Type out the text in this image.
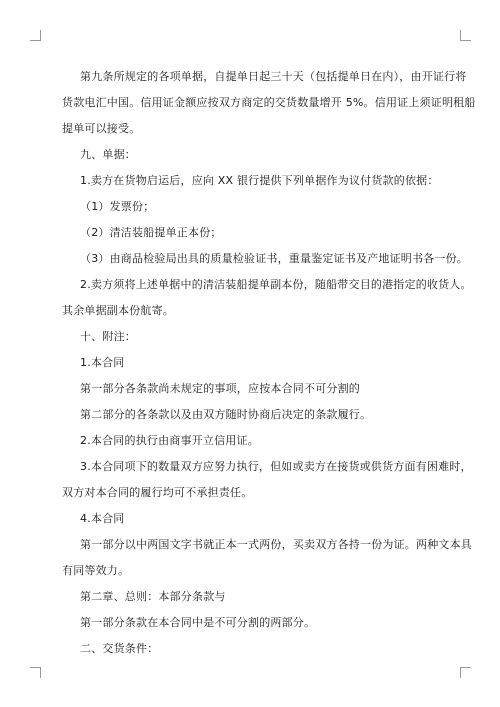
第九条所规定的各项单据，自提单日起三十天（包括提单日在内），由开证行将

货款电汇中国。信用证金额应按双方商定的交货数量增开 5%。信用证上须证明租船

提单可以接受。

九、单据：

1.卖方在货物启运后，应向 XX 银行提供下列单据作为议付货款的依据：

（1）发票份；

（2）清洁装船提单正本份；

（3）由商品检验局出具的质量检验证书，重量鉴定证书及产地证明书各一份。

2.卖方须将上述单据中的清洁装船提单副本份，随船带交目的港指定的收货人。

其余单据副本份航寄。

十、附注：

1.本合同

第一部分各条款尚未规定的事项，应按本合同不可分割的

第二部分的各条款以及由双方随时协商后决定的条款履行。

2.本合同的执行由商事开立信用证。

3.本合同项下的数量双方应努力执行，但如或卖方在接货或供货方面有困难时，

双方对本合同的履行均可不承担责任。

4.本合同

第一部分以中两国文字书就正本一式两份，买卖双方各持一份为证。两种文本具

有同等效力。

第二章、总则：本部分条款与

第一部分条款在本合同中是不可分割的两部分。

二、交货条件：
